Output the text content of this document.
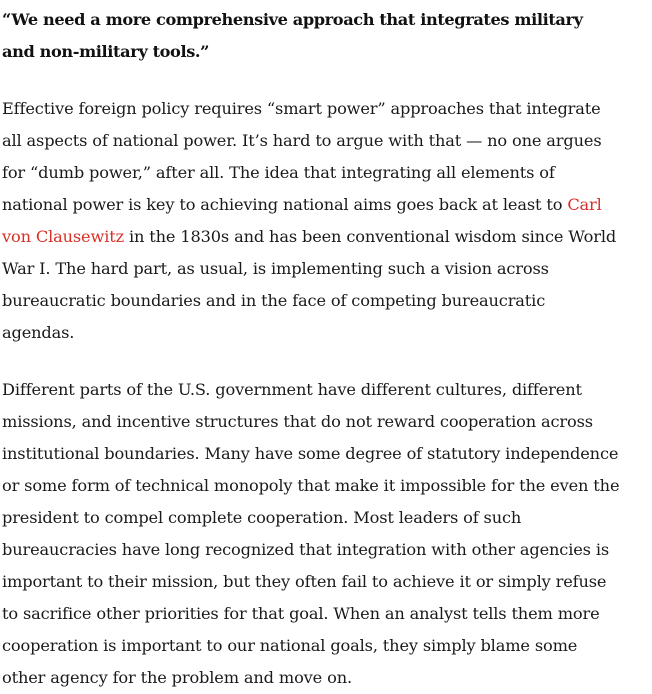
“We need a more comprehensive approach that integrates military and non-military tools.”

Effective foreign policy requires “smart power” approaches that integrate all aspects of national power. It’s hard to argue with that — no one argues for “dumb power,” after all. The idea that integrating all elements of national power is key to achieving national aims goes back at least to Carl von Clausewitz in the 1830s and has been conventional wisdom since World War I. The hard part, as usual, is implementing such a vision across bureaucratic boundaries and in the face of competing bureaucratic agendas.

Different parts of the U.S. government have different cultures, different missions, and incentive structures that do not reward cooperation across institutional boundaries. Many have some degree of statutory independence or some form of technical monopoly that make it impossible for the even the president to compel complete cooperation. Most leaders of such bureaucracies have long recognized that integration with other agencies is important to their mission, but they often fail to achieve it or simply refuse to sacrifice other priorities for that goal. When an analyst tells them more cooperation is important to our national goals, they simply blame some other agency for the problem and move on.
